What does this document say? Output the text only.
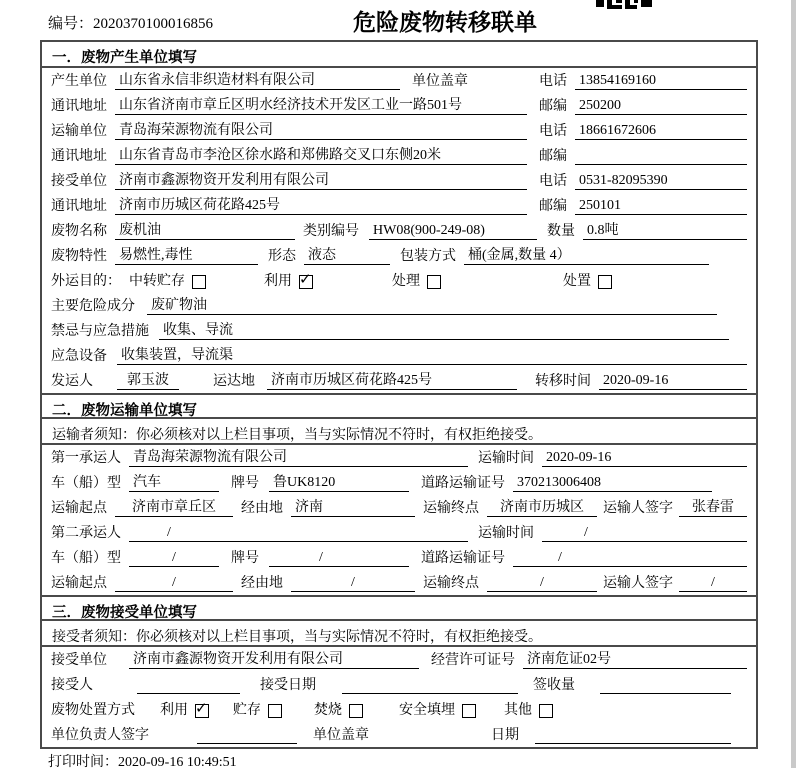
编号：2020370100016856	危险废物转移联单
一．废物产生单位填写
产生单位 山东省永信非织造材料有限公司	单位盖章	电话 13854169160
通讯地址 山东省济南市章丘区明水经济技术开发区工业一路501号	邮编 250200
运输单位 青岛海荣源物流有限公司	电话 18661672606
通讯地址 山东省青岛市李沧区徐水路和郑佛路交叉口东侧20米	邮编
接受单位 济南市鑫源物资开发利用有限公司	电话 0531-82095390
通讯地址 济南市历城区荷花路425号	邮编 250101
废物名称 废机油	类别编号 HW08(900-249-08)	数量 0.8吨
废物特性 易燃性,毒性	形态 液态	包装方式 桶(金属,数量 4）
外运目的： 中转贮存	利用 ✓	处理	处置
主要危险成分 废矿物油
禁忌与应急措施 收集、导流
应急设备 收集装置，导流渠
发运人	郭玉波	运达地 济南市历城区荷花路425号	转移时间 2020-09-16
二．废物运输单位填写
运输者须知：你必须核对以上栏目事项，当与实际情况不符时，有权拒绝接受。
第一承运人 青岛海荣源物流有限公司	运输时间 2020-09-16
车（船）型 汽车	牌号 鲁UK8120	道路运输证号 370213006408
运输起点	济南市章丘区	经由地 济南	运输终点	济南市历城区	运输人签字	张春雷
第二承运人	/	运输时间	/
车（船）型	/	牌号	/	道路运输证号	/
运输起点	/	经由地	/	运输终点	/	运输人签字	/
三．废物接受单位填写
接受者须知：你必须核对以上栏目事项，当与实际情况不符时，有权拒绝接受。
接受单位 济南市鑫源物资开发利用有限公司	经营许可证号 济南危证02号
接受人	接受日期	签收量
废物处置方式 利用 ✓	贮存	焚烧	安全填埋	其他
单位负责人签字	单位盖章	日期
打印时间：2020-09-16 10:49:51
